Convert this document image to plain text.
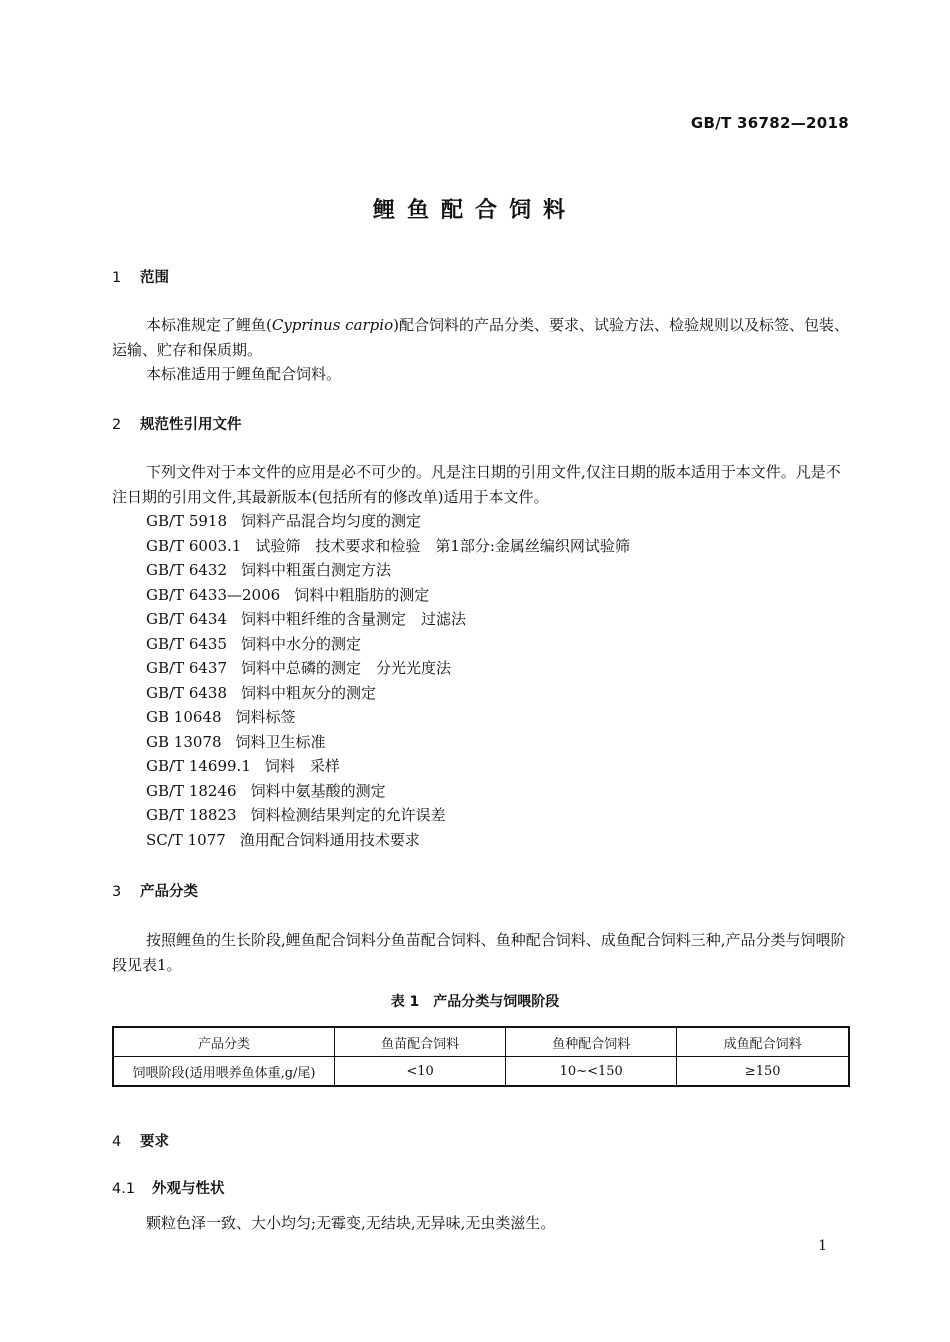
GB/T 36782—2018
鲤鱼配合饲料
1 范围

本标准规定了鲤鱼(Cyprinus carpio)配合饲料的产品分类、要求、试验方法、检验规则以及标签、包装、运输、贮存和保质期。

本标准适用于鲤鱼配合饲料。

2 规范性引用文件

下列文件对于本文件的应用是必不可少的。凡是注日期的引用文件,仅注日期的版本适用于本文件。凡是不注日期的引用文件,其最新版本(包括所有的修改单)适用于本文件。

GB/T 5918 饲料产品混合均匀度的测定
GB/T 6003.1 试验筛　技术要求和检验　第1部分:金属丝编织网试验筛
GB/T 6432 饲料中粗蛋白测定方法
GB/T 6433—2006 饲料中粗脂肪的测定
GB/T 6434 饲料中粗纤维的含量测定　过滤法
GB/T 6435 饲料中水分的测定
GB/T 6437 饲料中总磷的测定　分光光度法
GB/T 6438 饲料中粗灰分的测定
GB 10648 饲料标签
GB 13078 饲料卫生标准
GB/T 14699.1 饲料　采样
GB/T 18246 饲料中氨基酸的测定
GB/T 18823 饲料检测结果判定的允许误差
SC/T 1077 渔用配合饲料通用技术要求
3 产品分类

按照鲤鱼的生长阶段,鲤鱼配合饲料分鱼苗配合饲料、鱼种配合饲料、成鱼配合饲料三种,产品分类与饲喂阶段见表1。

表 1　产品分类与饲喂阶段
产品分类	鱼苗配合饲料	鱼种配合饲料	成鱼配合饲料
饲喂阶段(适用喂养鱼体重,g/尾)	<10	10~<150	≥150
4 要求
4.1 外观与性状

颗粒色泽一致、大小均匀;无霉变,无结块,无异味,无虫类滋生。

1
